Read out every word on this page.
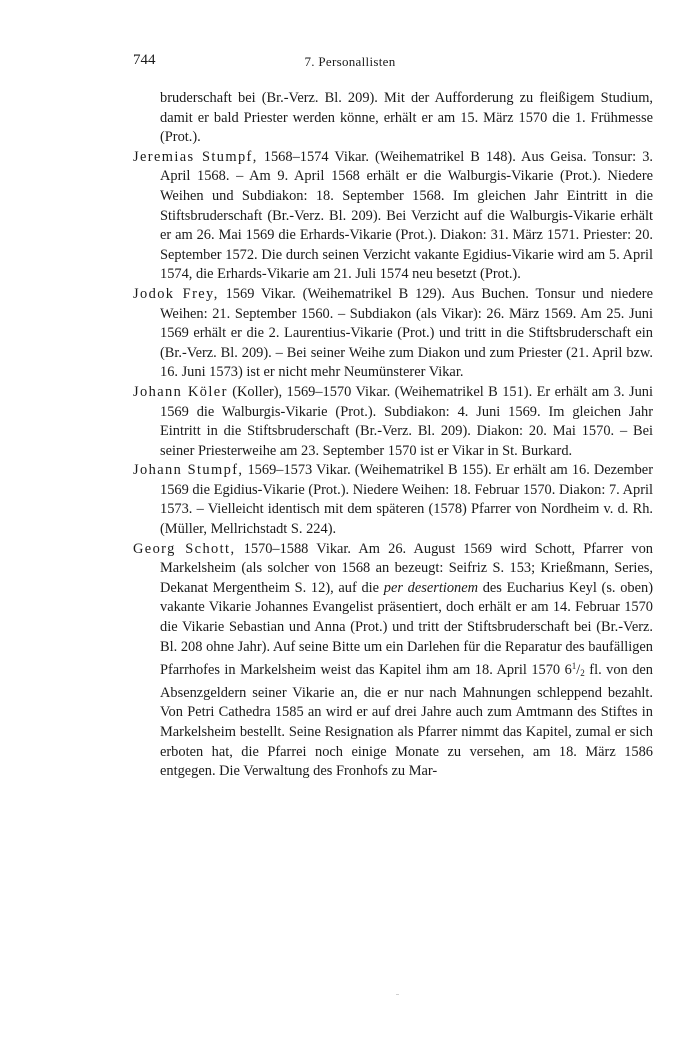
744	7. Personallisten

bruderschaft bei (Br.-Verz. Bl. 209). Mit der Aufforderung zu fleißigem Studium, damit er bald Priester werden könne, erhält er am 15. März 1570 die 1. Frühmesse (Prot.).

Jeremias Stumpf, 1568–1574 Vikar. (Weihematrikel B 148). Aus Geisa. Tonsur: 3. April 1568. – Am 9. April 1568 erhält er die Walburgis-Vikarie (Prot.). Niedere Weihen und Subdiakon: 18. September 1568. Im gleichen Jahr Eintritt in die Stiftsbruderschaft (Br.-Verz. Bl. 209). Bei Verzicht auf die Walburgis-Vikarie erhält er am 26. Mai 1569 die Erhards-Vikarie (Prot.). Diakon: 31. März 1571. Priester: 20. September 1572. Die durch seinen Verzicht vakante Egidius-Vikarie wird am 5. April 1574, die Erhards-Vikarie am 21. Juli 1574 neu besetzt (Prot.).

Jodok Frey, 1569 Vikar. (Weihematrikel B 129). Aus Buchen. Tonsur und niedere Weihen: 21. September 1560. – Subdiakon (als Vikar): 26. März 1569. Am 25. Juni 1569 erhält er die 2. Laurentius-Vikarie (Prot.) und tritt in die Stiftsbruderschaft ein (Br.-Verz. Bl. 209). – Bei seiner Weihe zum Diakon und zum Priester (21. April bzw. 16. Juni 1573) ist er nicht mehr Neumünsterer Vikar.

Johann Köler (Koller), 1569–1570 Vikar. (Weihematrikel B 151). Er erhält am 3. Juni 1569 die Walburgis-Vikarie (Prot.). Subdiakon: 4. Juni 1569. Im gleichen Jahr Eintritt in die Stiftsbruderschaft (Br.-Verz. Bl. 209). Diakon: 20. Mai 1570. – Bei seiner Priesterweihe am 23. September 1570 ist er Vikar in St. Burkard.

Johann Stumpf, 1569–1573 Vikar. (Weihematrikel B 155). Er erhält am 16. Dezember 1569 die Egidius-Vikarie (Prot.). Niedere Weihen: 18. Februar 1570. Diakon: 7. April 1573. – Vielleicht identisch mit dem späteren (1578) Pfarrer von Nordheim v. d. Rh. (Müller, Mellrichstadt S. 224).

Georg Schott, 1570–1588 Vikar. Am 26. August 1569 wird Schott, Pfarrer von Markelsheim (als solcher von 1568 an bezeugt: Seifriz S. 153; Krießmann, Series, Dekanat Mergentheim S. 12), auf die per desertionem des Eucharius Keyl (s. oben) vakante Vikarie Johannes Evangelist präsentiert, doch erhält er am 14. Februar 1570 die Vikarie Sebastian und Anna (Prot.) und tritt der Stiftsbruderschaft bei (Br.-Verz. Bl. 208 ohne Jahr). Auf seine Bitte um ein Darlehen für die Reparatur des baufälligen Pfarrhofes in Markelsheim weist das Kapitel ihm am 18. April 1570 $6^1/_2$ fl. von den Absenzgeldern seiner Vikarie an, die er nur nach Mahnungen schleppend bezahlt. Von Petri Cathedra 1585 an wird er auf drei Jahre auch zum Amtmann des Stiftes in Markelsheim bestellt. Seine Resignation als Pfarrer nimmt das Kapitel, zumal er sich erboten hat, die Pfarrei noch einige Monate zu versehen, am 18. März 1586 entgegen. Die Verwaltung des Fronhofs zu Mar-
